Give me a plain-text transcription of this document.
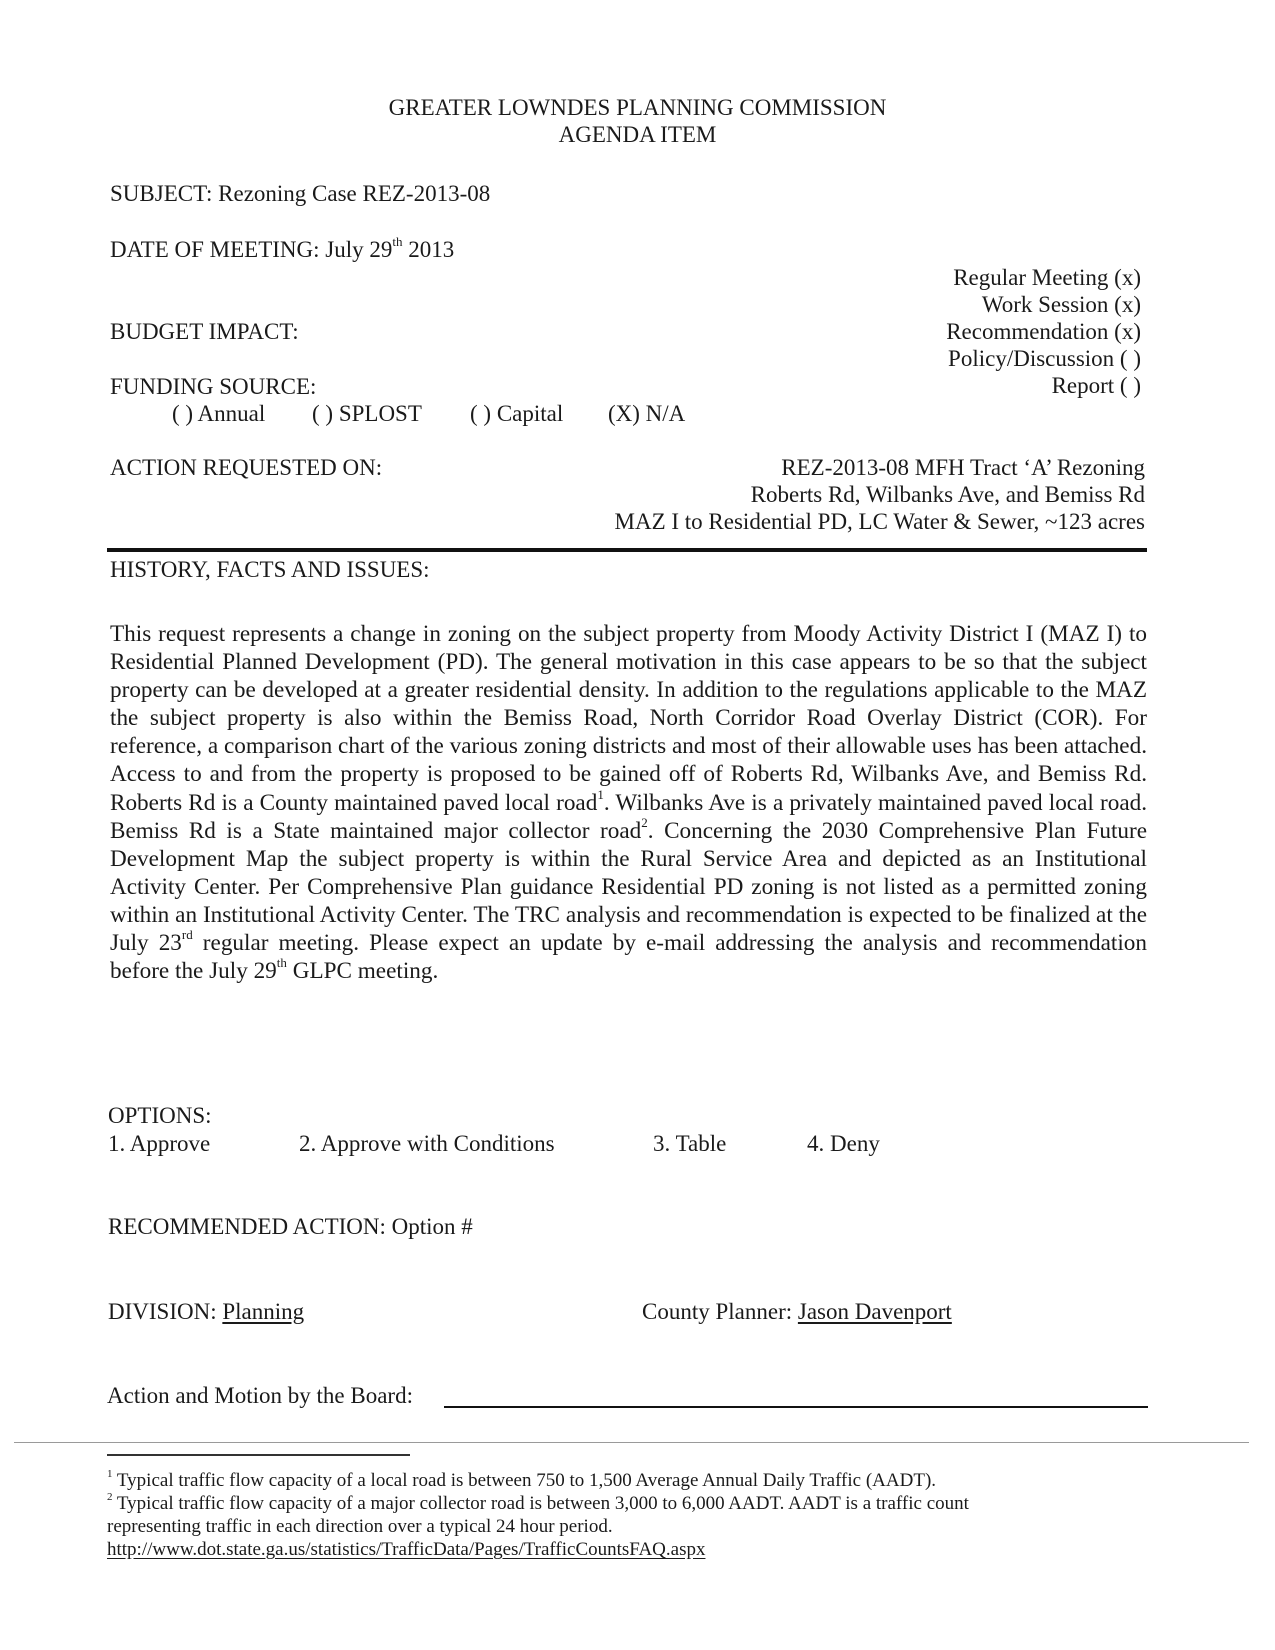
GREATER LOWNDES PLANNING COMMISSION
AGENDA ITEM
SUBJECT: Rezoning Case REZ-2013-08
DATE OF MEETING: July 29th 2013
Regular Meeting (x)
Work Session (x)
Recommendation (x)
Policy/Discussion ( )
Report ( )
BUDGET IMPACT:
FUNDING SOURCE:
( ) Annual ( ) SPLOST ( ) Capital (X) N/A
ACTION REQUESTED ON:	REZ-2013-08 MFH Tract ‘A’ Rezoning
Roberts Rd, Wilbanks Ave, and Bemiss Rd
MAZ I to Residential PD, LC Water & Sewer, ~123 acres
HISTORY, FACTS AND ISSUES:
This request represents a change in zoning on the subject property from Moody Activity District I (MAZ I) to Residential Planned Development (PD). The general motivation in this case appears to be so that the subject property can be developed at a greater residential density. In addition to the regulations applicable to the MAZ the subject property is also within the Bemiss Road, North Corridor Road Overlay District (COR). For reference, a comparison chart of the various zoning districts and most of their allowable uses has been attached. Access to and from the property is proposed to be gained off of Roberts Rd, Wilbanks Ave, and Bemiss Rd. Roberts Rd is a County maintained paved local road$^1$. Wilbanks Ave is a privately maintained paved local road. Bemiss Rd is a State maintained major collector road$^2$. Concerning the 2030 Comprehensive Plan Future Development Map the subject property is within the Rural Service Area and depicted as an Institutional Activity Center. Per Comprehensive Plan guidance Residential PD zoning is not listed as a permitted zoning within an Institutional Activity Center. The TRC analysis and recommendation is expected to be finalized at the July 23rd regular meeting. Please expect an update by e-mail addressing the analysis and recommendation before the July 29th GLPC meeting.
OPTIONS:
1. Approve	2. Approve with Conditions	3. Table	4. Deny
RECOMMENDED ACTION: Option #
DIVISION: Planning	County Planner: Jason Davenport
Action and Motion by the Board:
$^1$ Typical traffic flow capacity of a local road is between 750 to 1,500 Average Annual Daily Traffic (AADT).
$^2$ Typical traffic flow capacity of a major collector road is between 3,000 to 6,000 AADT. AADT is a traffic count
representing traffic in each direction over a typical 24 hour period.
http://www.dot.state.ga.us/statistics/TrafficData/Pages/TrafficCountsFAQ.aspx
